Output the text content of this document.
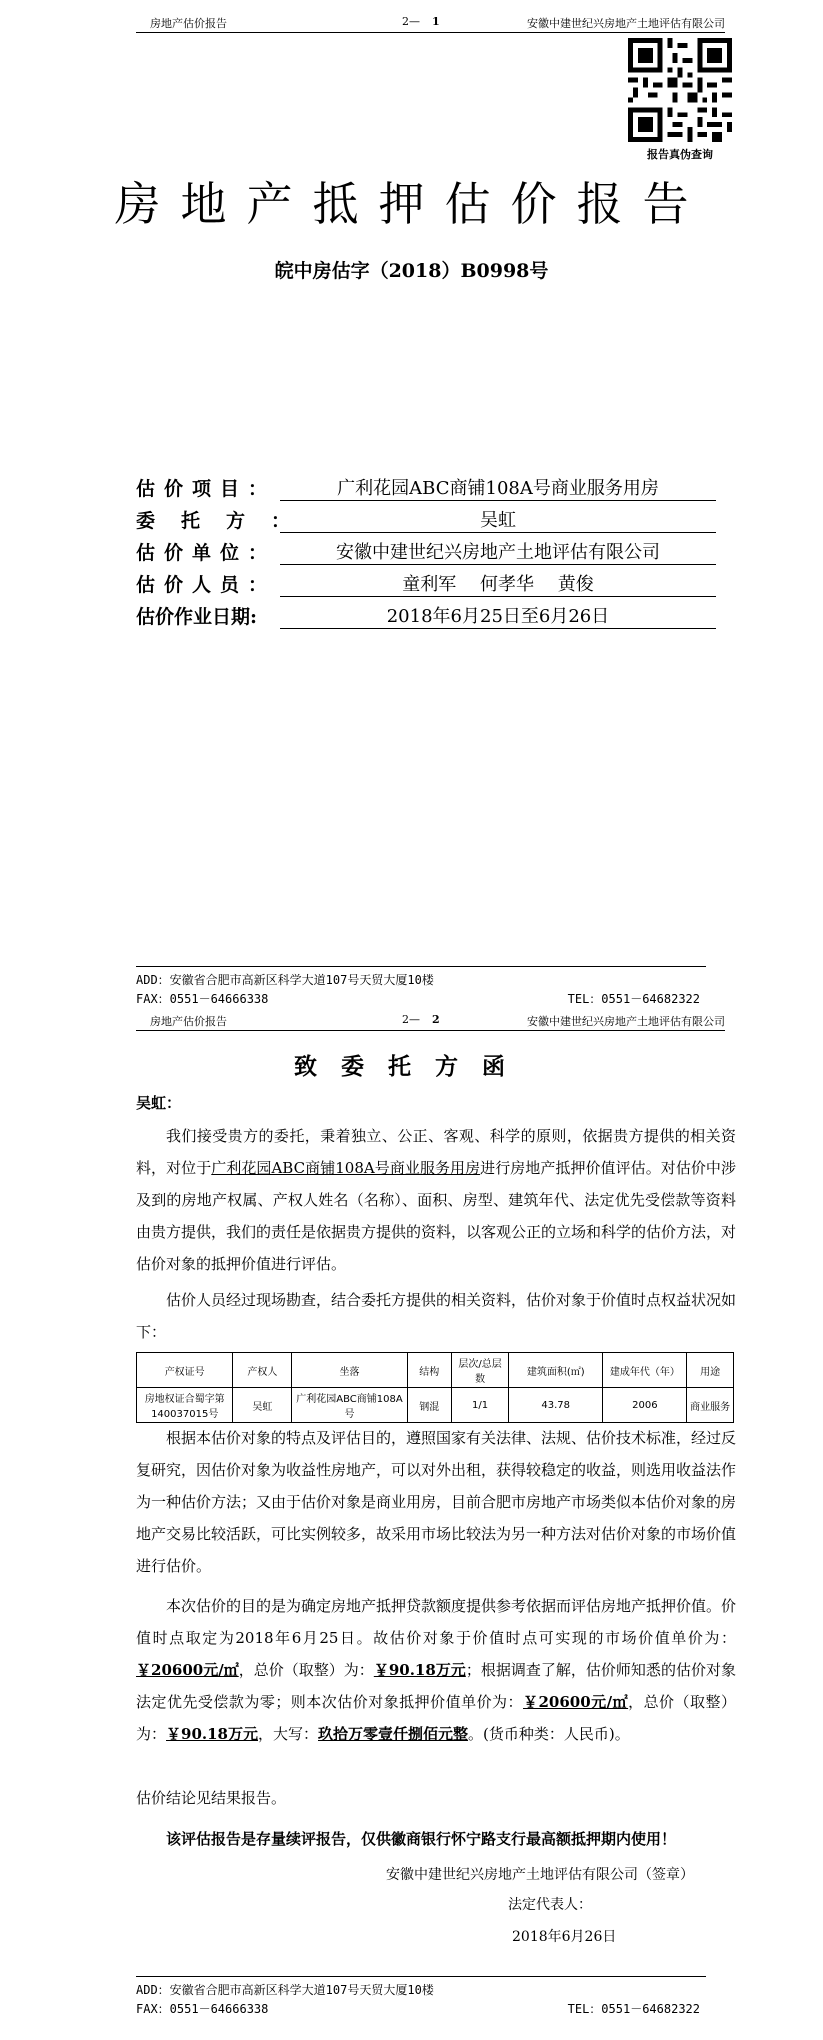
房地产估价报告	2— 1	安徽中建世纪兴房地产土地评估有限公司
报告真伪查询
房地产抵押估价报告
皖中房估字（2018）B0998号
估价项目：	广利花园ABC商铺108A号商业服务用房
委托方：	吴虹
估价单位：	安徽中建世纪兴房地产土地评估有限公司
估价人员：	童利军　 何孝华　 黄俊
估价作业日期:	2018年6月25日至6月26日
ADD：安徽省合肥市高新区科学大道107号天贸大厦10楼
FAX：0551－64666338	TEL：0551－64682322
房地产估价报告	2— 2	安徽中建世纪兴房地产土地评估有限公司
致委托方函
吴虹：
我们接受贵方的委托，秉着独立、公正、客观、科学的原则，依据贵方提供的相关资料，对位于广利花园ABC商铺108A号商业服务用房进行房地产抵押价值评估。对估价中涉及到的房地产权属、产权人姓名（名称）、面积、房型、建筑年代、法定优先受偿款等资料由贵方提供，我们的责任是依据贵方提供的资料，以客观公正的立场和科学的估价方法，对估价对象的抵押价值进行评估。
估价人员经过现场勘查，结合委托方提供的相关资料，估价对象于价值时点权益状况如下：
产权证号	产权人	坐落	结构	层次/总层数	建筑面积(㎡)	建成年代（年）	用途
房地权证合蜀字第140037015号	吴虹	广利花园ABC商铺108A号	钢混	1/1	43.78	2006	商业服务
根据本估价对象的特点及评估目的，遵照国家有关法律、法规、估价技术标准，经过反复研究，因估价对象为收益性房地产，可以对外出租，获得较稳定的收益，则选用收益法作为一种估价方法；又由于估价对象是商业用房，目前合肥市房地产市场类似本估价对象的房地产交易比较活跃，可比实例较多，故采用市场比较法为另一种方法对估价对象的市场价值进行估价。
本次估价的目的是为确定房地产抵押贷款额度提供参考依据而评估房地产抵押价值。价值时点取定为2018年6月25日。故估价对象于价值时点可实现的市场价值单价为：￥20600元/㎡，总价（取整）为：￥90.18万元；根据调查了解，估价师知悉的估价对象法定优先受偿款为零；则本次估价对象抵押价值单价为：￥20600元/㎡，总价（取整）为：￥90.18万元，大写：玖拾万零壹仟捌佰元整。(货币种类：人民币)。
估价结论见结果报告。
该评估报告是存量续评报告，仅供徽商银行怀宁路支行最高额抵押期内使用！
安徽中建世纪兴房地产土地评估有限公司（签章）
法定代表人：
2018年6月26日
ADD：安徽省合肥市高新区科学大道107号天贸大厦10楼
FAX：0551－64666338	TEL：0551－64682322
